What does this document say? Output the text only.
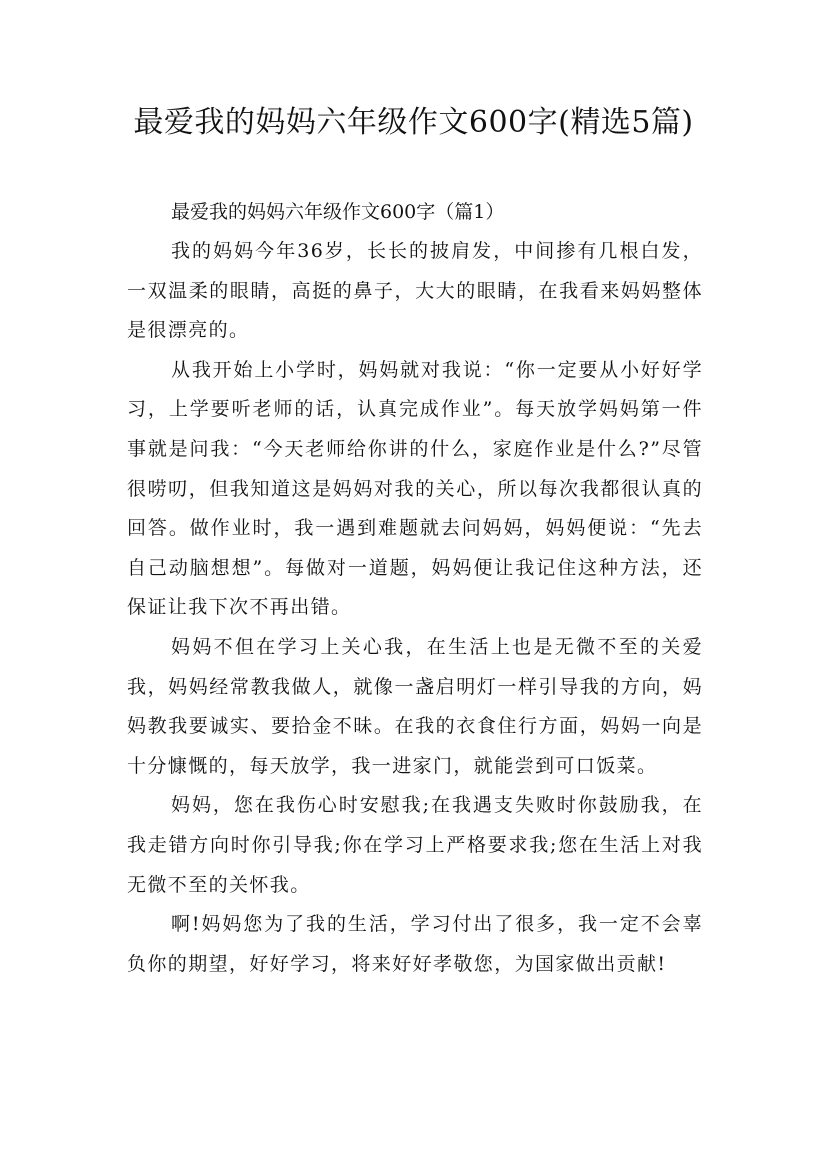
最爱我的妈妈六年级作文600字(精选5篇)
最爱我的妈妈六年级作文600字（篇1）

我的妈妈今年36岁，长长的披肩发，中间掺有几根白发，一双温柔的眼睛，高挺的鼻子，大大的眼睛，在我看来妈妈整体是很漂亮的。

从我开始上小学时，妈妈就对我说：“你一定要从小好好学习，上学要听老师的话，认真完成作业”。每天放学妈妈第一件事就是问我：“今天老师给你讲的什么，家庭作业是什么?”尽管很唠叨，但我知道这是妈妈对我的关心，所以每次我都很认真的回答。做作业时，我一遇到难题就去问妈妈，妈妈便说：“先去自己动脑想想”。每做对一道题，妈妈便让我记住这种方法，还保证让我下次不再出错。

妈妈不但在学习上关心我，在生活上也是无微不至的关爱我，妈妈经常教我做人，就像一盏启明灯一样引导我的方向，妈妈教我要诚实、要拾金不昧。在我的衣食住行方面，妈妈一向是十分慷慨的，每天放学，我一进家门，就能尝到可口饭菜。

妈妈，您在我伤心时安慰我;在我遇支失败时你鼓励我，在我走错方向时你引导我;你在学习上严格要求我;您在生活上对我无微不至的关怀我。

啊!妈妈您为了我的生活，学习付出了很多，我一定不会辜负你的期望，好好学习，将来好好孝敬您，为国家做出贡献!
